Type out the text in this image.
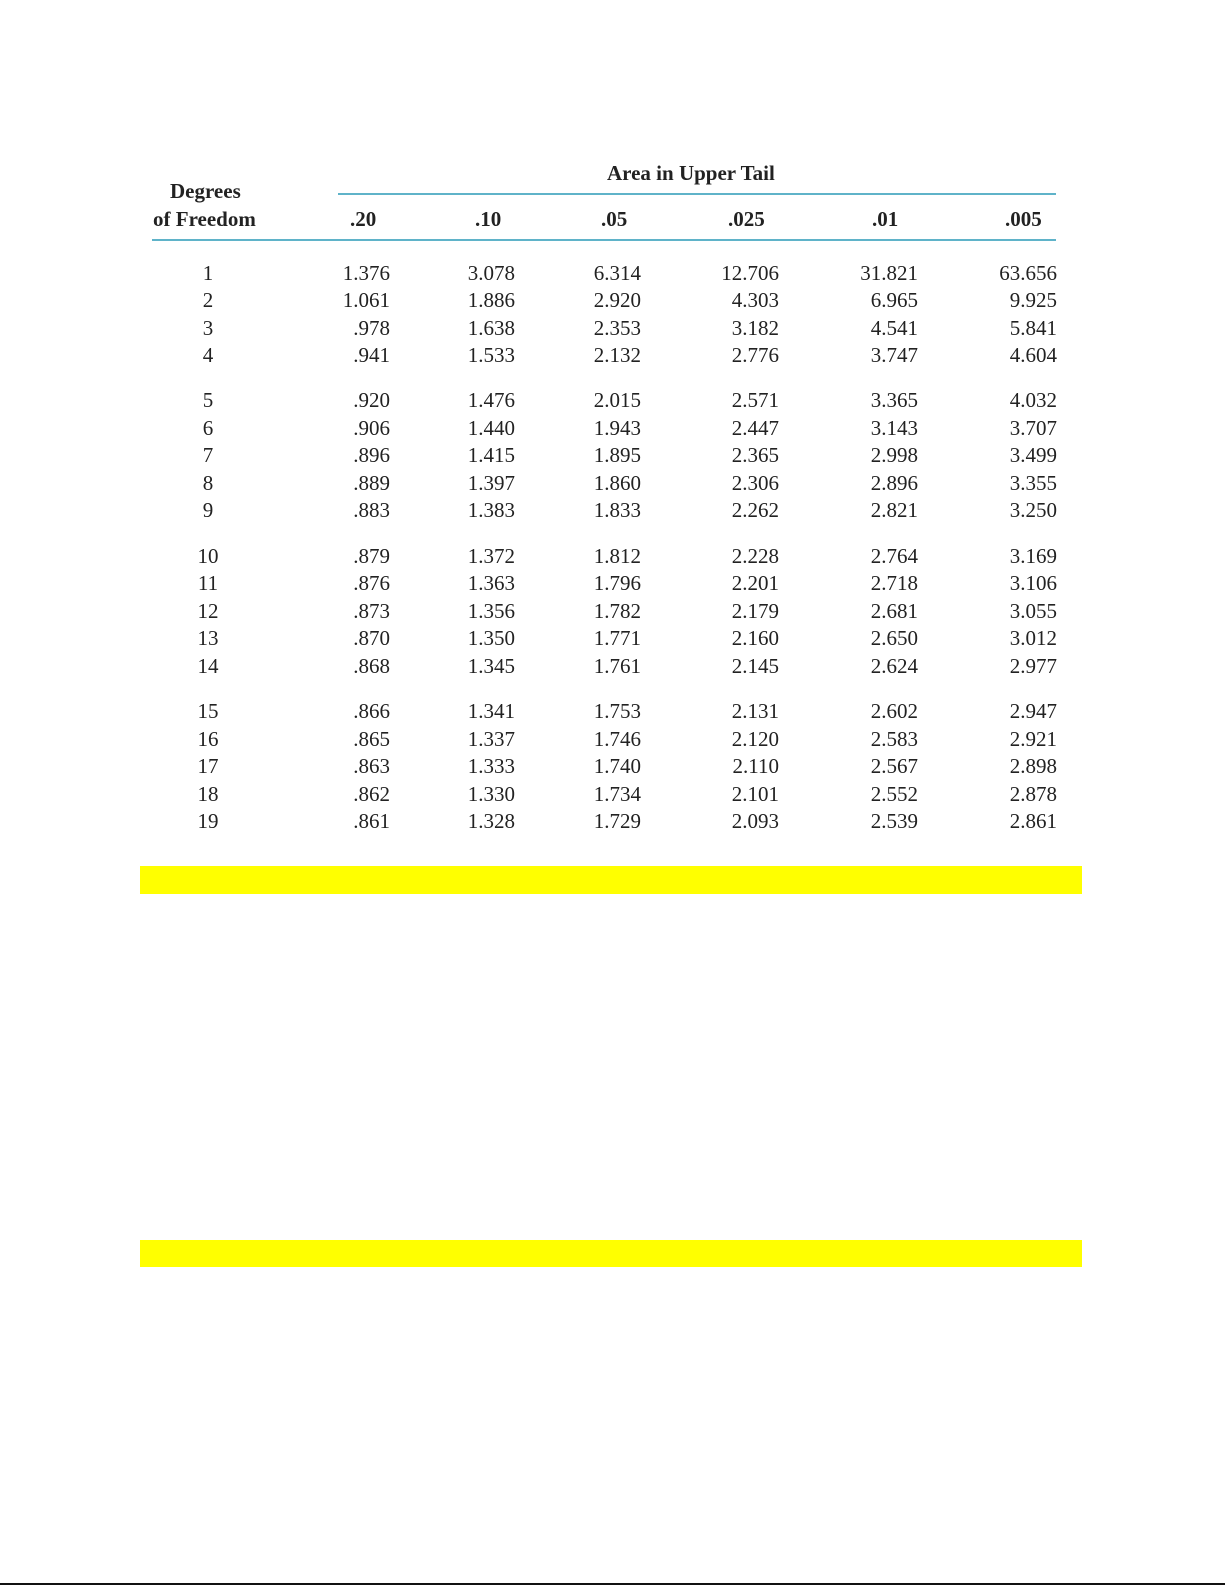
Degrees
of Freedom
Area in Upper Tail
.20	.10	.05	.025	.01	.005
1	1.376	3.078	6.314	12.706	31.821	63.656
2	1.061	1.886	2.920	4.303	6.965	9.925
3	.978	1.638	2.353	3.182	4.541	5.841
4	.941	1.533	2.132	2.776	3.747	4.604
5	.920	1.476	2.015	2.571	3.365	4.032
6	.906	1.440	1.943	2.447	3.143	3.707
7	.896	1.415	1.895	2.365	2.998	3.499
8	.889	1.397	1.860	2.306	2.896	3.355
9	.883	1.383	1.833	2.262	2.821	3.250
10	.879	1.372	1.812	2.228	2.764	3.169
11	.876	1.363	1.796	2.201	2.718	3.106
12	.873	1.356	1.782	2.179	2.681	3.055
13	.870	1.350	1.771	2.160	2.650	3.012
14	.868	1.345	1.761	2.145	2.624	2.977
15	.866	1.341	1.753	2.131	2.602	2.947
16	.865	1.337	1.746	2.120	2.583	2.921
17	.863	1.333	1.740	2.110	2.567	2.898
18	.862	1.330	1.734	2.101	2.552	2.878
19	.861	1.328	1.729	2.093	2.539	2.861
